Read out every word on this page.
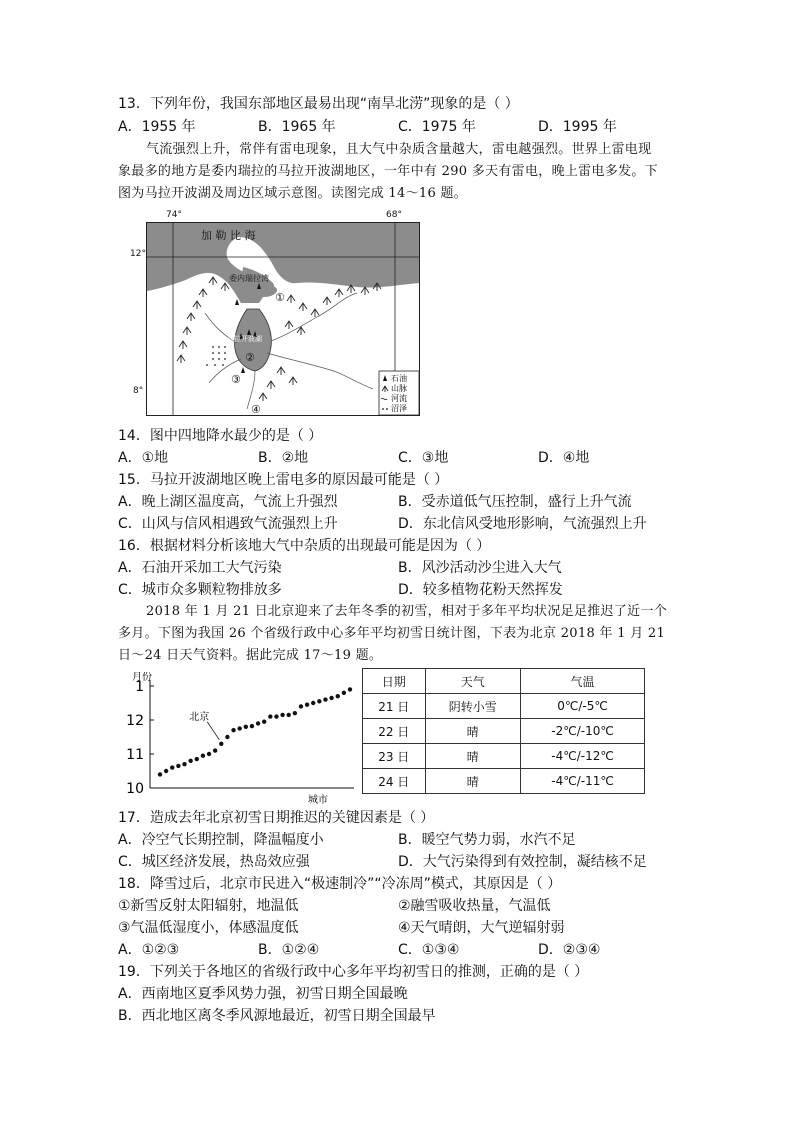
13．下列年份，我国东部地区最易出现“南旱北涝”现象的是（ ）
A．1955 年	B．1965 年	C．1975 年	D．1995 年
气流强烈上升，常伴有雷电现象，且大气中杂质含量越大，雷电越强烈。世界上雷电现
象最多的地方是委内瑞拉的马拉开波湖地区，一年中有 290 多天有雷电，晚上雷电多发。下
图为马拉开波湖及周边区域示意图。读图完成 14～16 题。
74°	68°
12°
8°
加 勒 比 海
委内瑞拉湾
马拉开波湖
①
②
③
④
石油
山脉
河流
沼泽
14．图中四地降水最少的是（ ）
A．①地	B．②地	C．③地	D．④地
15．马拉开波湖地区晚上雷电多的原因最可能是（ ）
A．晚上湖区温度高，气流上升强烈	B．受赤道低气压控制，盛行上升气流
C．山风与信风相遇致气流强烈上升	D．东北信风受地形影响，气流强烈上升
16．根据材料分析该地大气中杂质的出现最可能是因为（ ）
A．石油开采加工大气污染	B．风沙活动沙尘进入大气
C．城市众多颗粒物排放多	D．较多植物花粉天然挥发
2018 年 1 月 21 日北京迎来了去年冬季的初雪，相对于多年平均状况足足推迟了近一个
多月。下图为我国 26 个省级行政中心多年平均初雪日统计图，下表为北京 2018 年 1 月 21
日～24 日天气资料。据此完成 17～19 题。
1
12
11
10
月份
城市
北京
日期	天气	气温
21 日	阴转小雪	0℃/-5℃
22 日	晴	-2℃/-10℃
23 日	晴	-4℃/-12℃
24 日	晴	-4℃/-11℃
17．造成去年北京初雪日期推迟的关键因素是（ ）
A．冷空气长期控制，降温幅度小	B．暖空气势力弱，水汽不足
C．城区经济发展，热岛效应强	D．大气污染得到有效控制，凝结核不足
18．降雪过后，北京市民进入“极速制冷”“冷冻周”模式，其原因是（ ）
①新雪反射太阳辐射，地温低	②融雪吸收热量，气温低
③气温低湿度小，体感温度低	④天气晴朗，大气逆辐射弱
A．①②③	B．①②④	C．①③④	D．②③④
19．下列关于各地区的省级行政中心多年平均初雪日的推测，正确的是（ ）
A．西南地区夏季风势力强，初雪日期全国最晚
B．西北地区离冬季风源地最近，初雪日期全国最早
